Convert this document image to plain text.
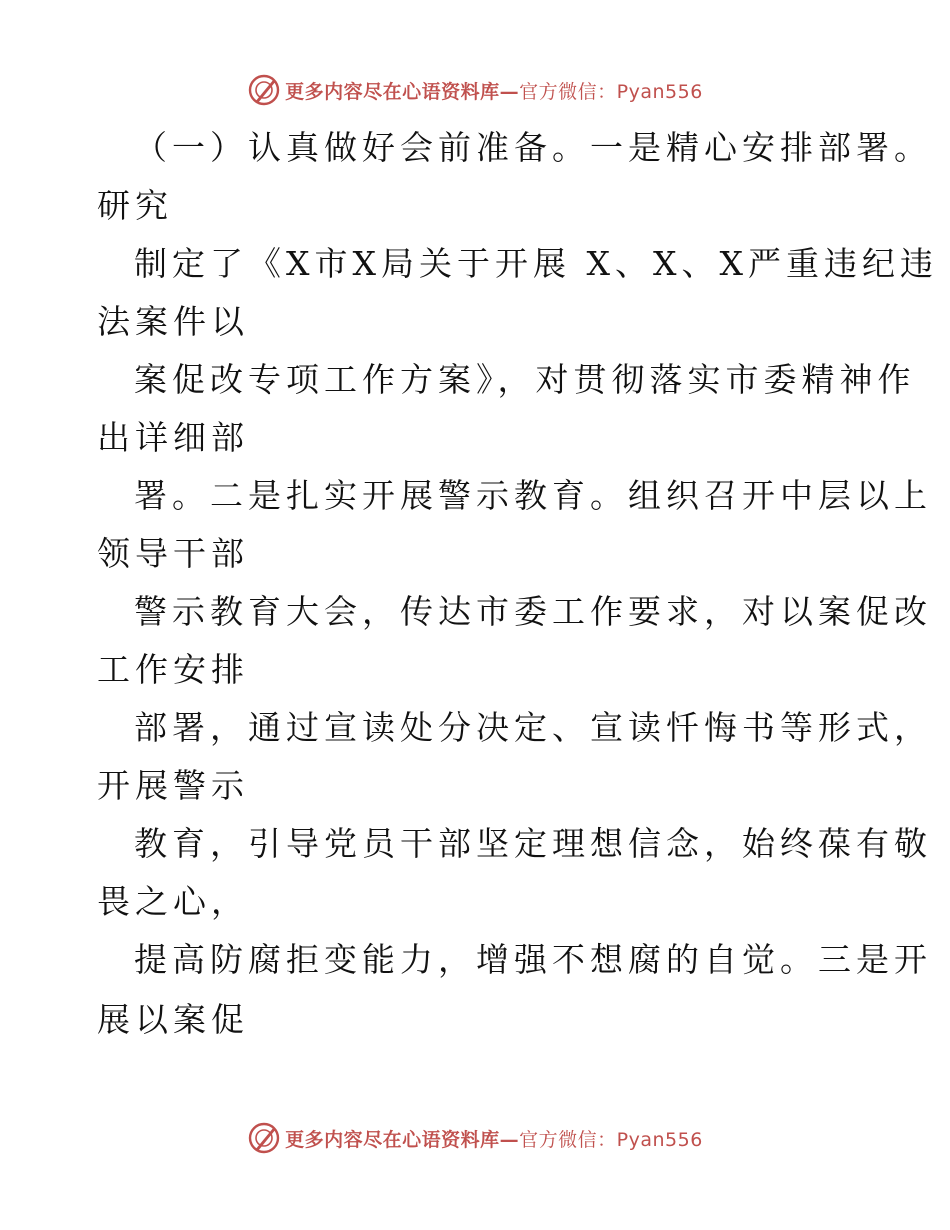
更多内容尽在心语资料库— 官方微信：Pyan556
（一）认真做好会前准备。一是精心安排部署。
研究
制定了《X市X局关于开展 X、X、X严重违纪违
法案件以
案促改专项工作方案》，对贯彻落实市委精神作
出详细部
署。二是扎实开展警示教育。组织召开中层以上
领导干部
警示教育大会，传达市委工作要求，对以案促改
工作安排
部署，通过宣读处分决定、宣读忏悔书等形式，
开展警示
教育，引导党员干部坚定理想信念，始终葆有敬
畏之心，
提高防腐拒变能力，增强不想腐的自觉。三是开
展以案促
更多内容尽在心语资料库— 官方微信：Pyan556
